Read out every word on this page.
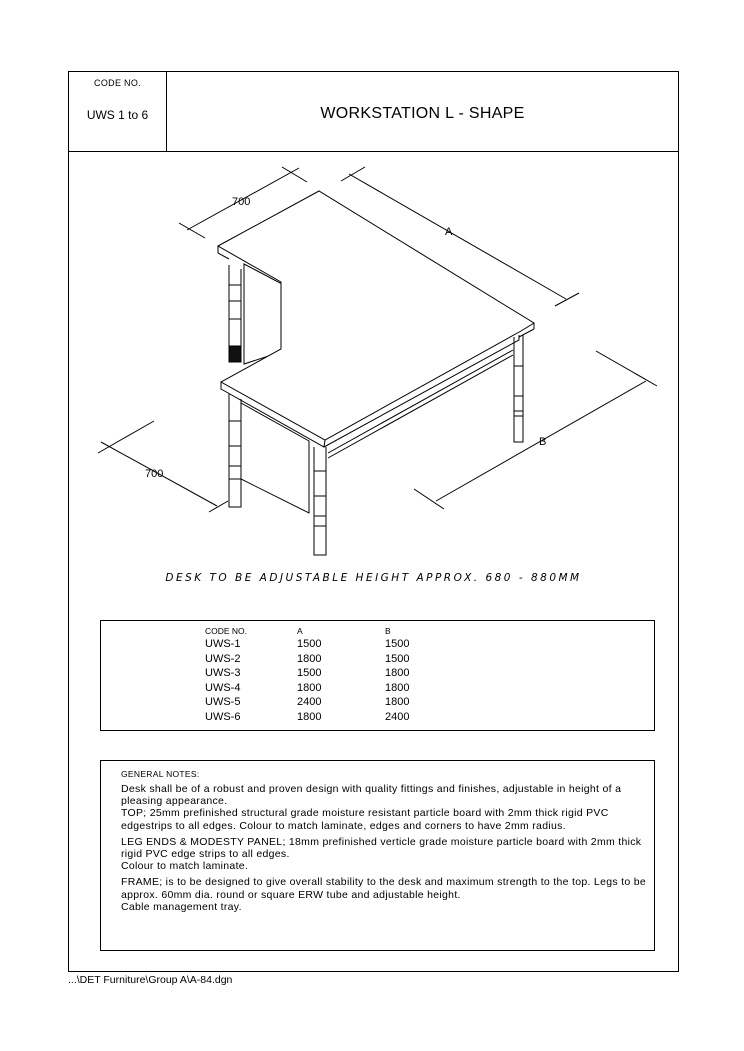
CODE NO.
UWS 1 to 6	WORKSTATION L - SHAPE
700
A
B
700
DESK TO BE ADJUSTABLE HEIGHT APPROX. 680 - 880MM
CODE NO.	A	B
UWS-1	1500	1500
UWS-2	1800	1500
UWS-3	1500	1800
UWS-4	1800	1800
UWS-5	2400	1800
UWS-6	1800	2400
GENERAL NOTES:

Desk shall be of a robust and proven design with quality fittings and finishes, adjustable in height of a pleasing appearance.
TOP; 25mm prefinished structural grade moisture resistant particle board with 2mm thick rigid PVC edgestrips to all edges. Colour to match laminate, edges and corners to have 2mm radius.

LEG ENDS & MODESTY PANEL; 18mm prefinished verticle grade moisture particle board with 2mm thick rigid PVC edge strips to all edges.
Colour to match laminate.

FRAME; is to be designed to give overall stability to the desk and maximum strength to the top. Legs to be approx. 60mm dia. round or square ERW tube and adjustable height.
Cable management tray.

...\DET Furniture\Group A\A-84.dgn
